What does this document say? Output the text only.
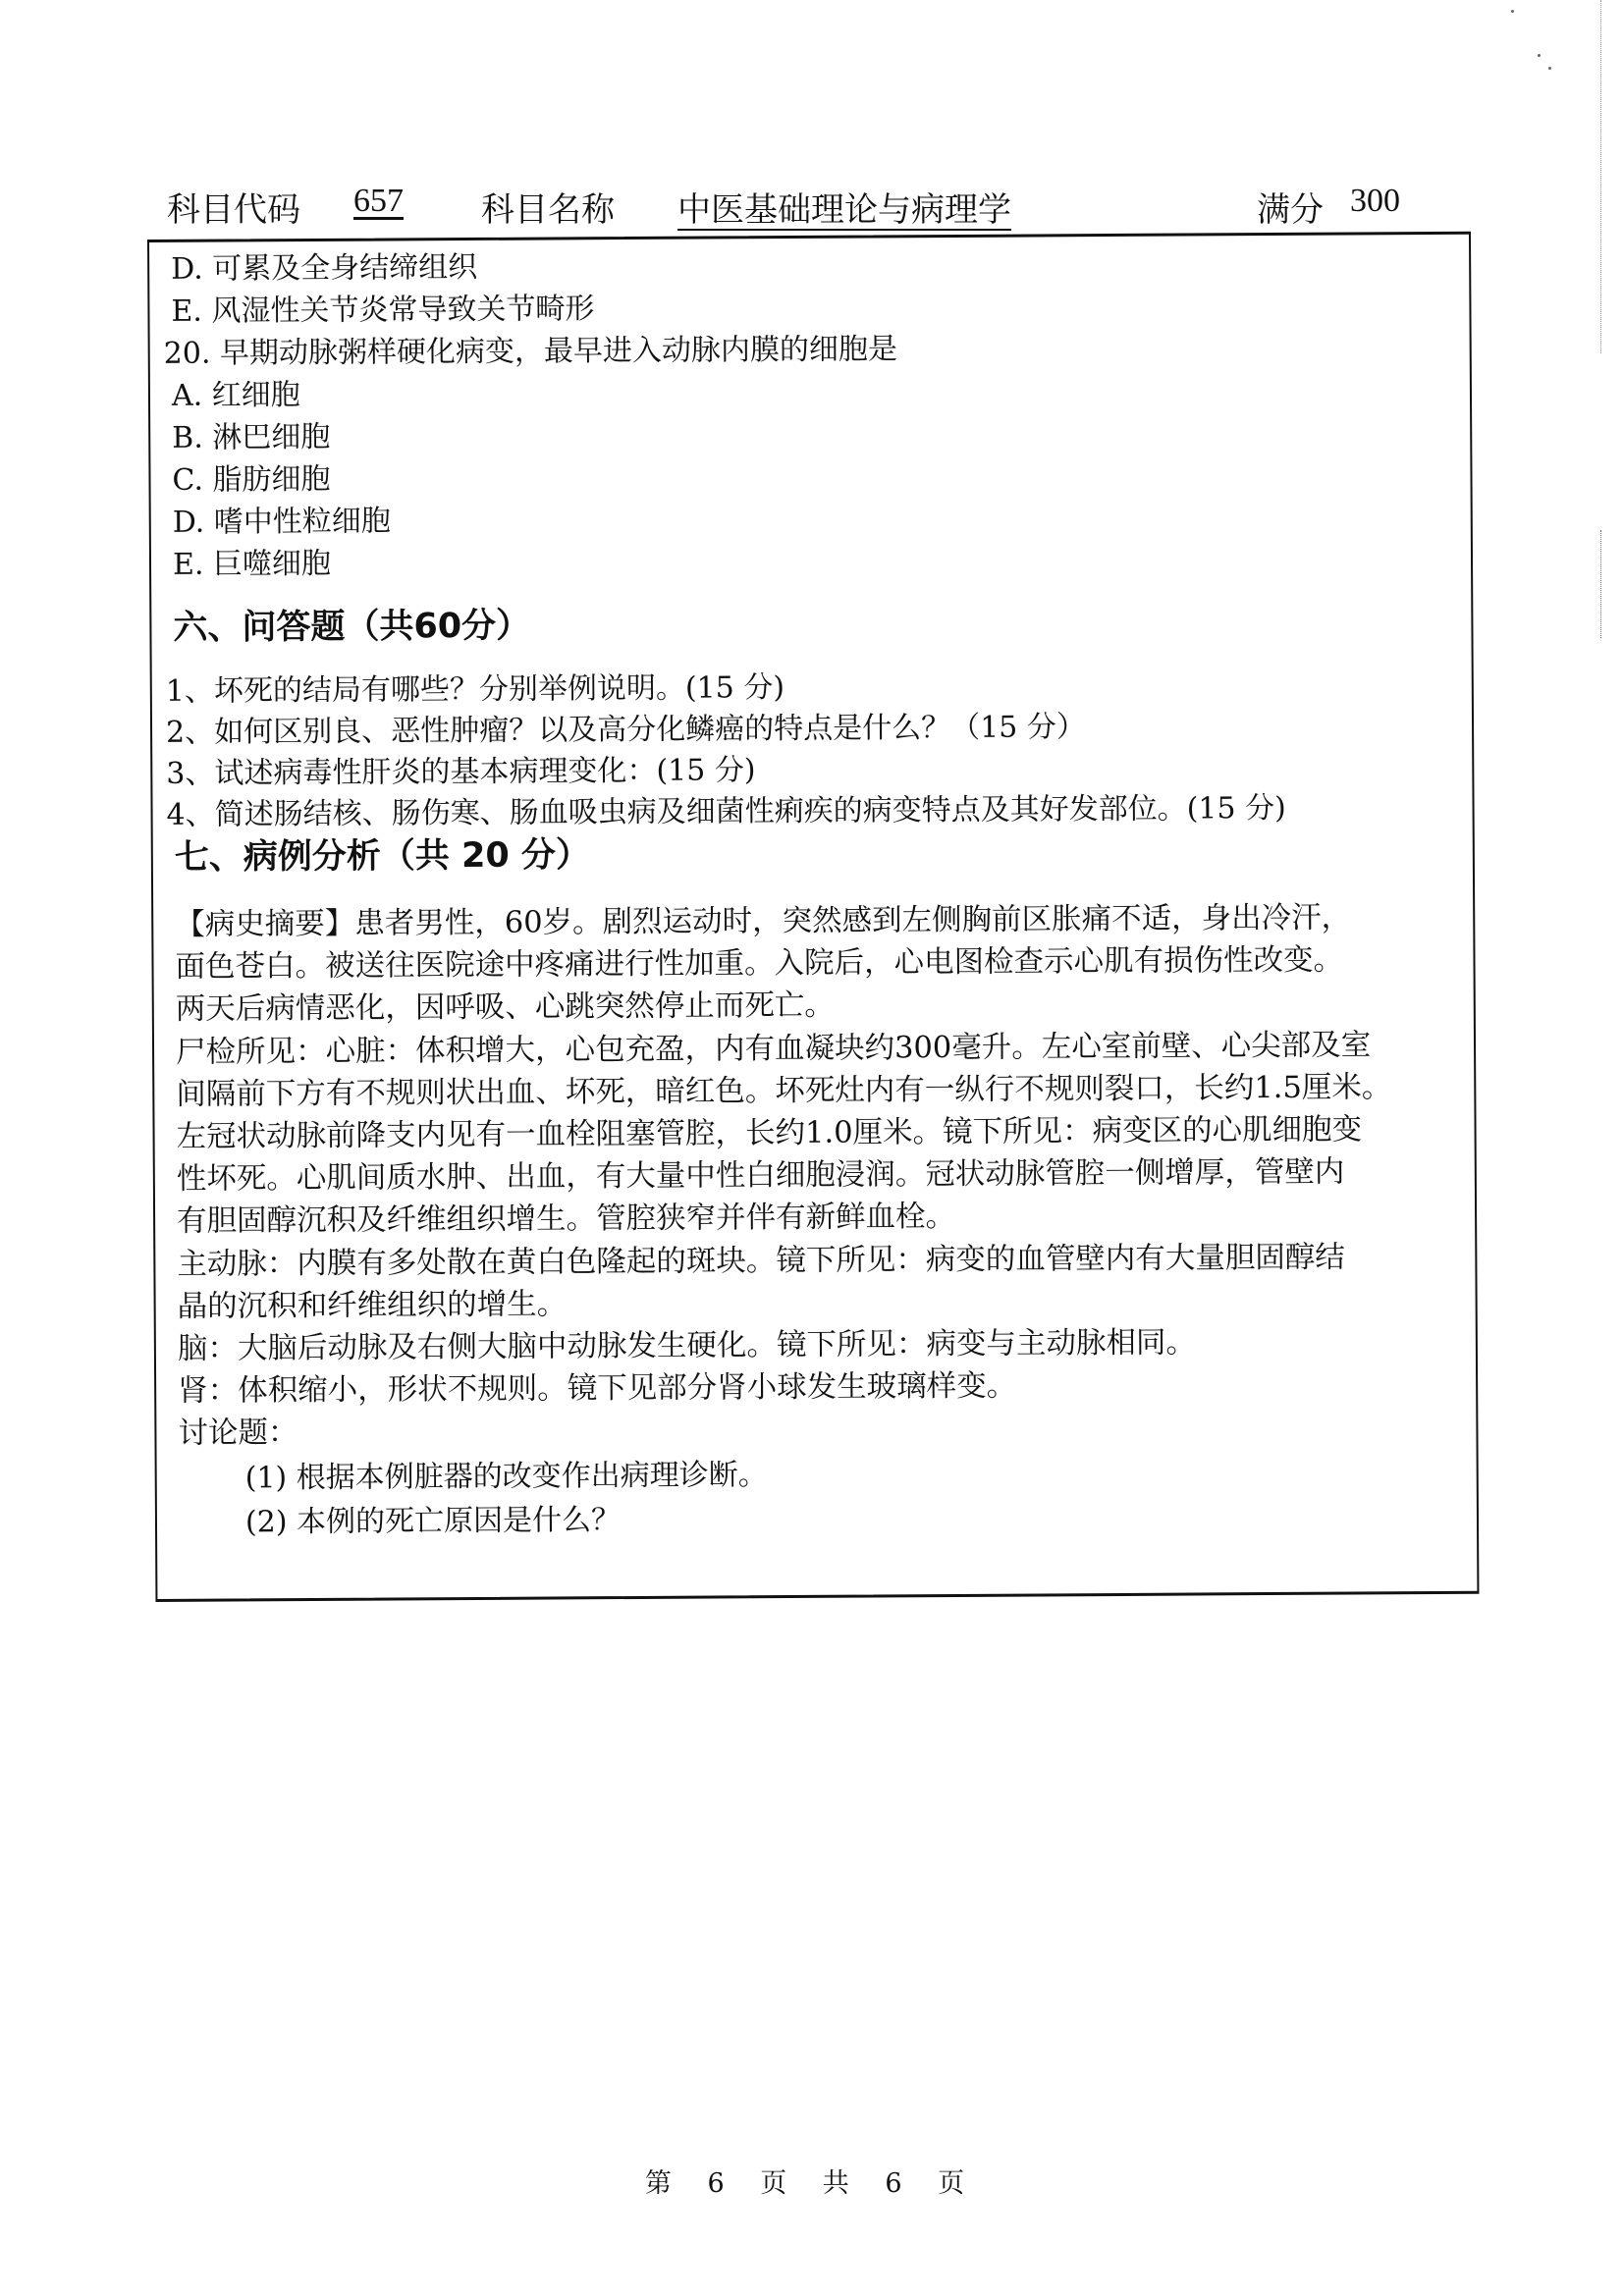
科目代码 657 科目名称 中医基础理论与病理学	满分 300
D. 可累及全身结缔组织
E. 风湿性关节炎常导致关节畸形
20. 早期动脉粥样硬化病变，最早进入动脉内膜的细胞是
A. 红细胞
B. 淋巴细胞
C. 脂肪细胞
D. 嗜中性粒细胞
E. 巨噬细胞
六、问答题（共60分）
1、坏死的结局有哪些？分别举例说明。(15 分)
2、如何区别良、恶性肿瘤？以及高分化鳞癌的特点是什么？（15 分）
3、试述病毒性肝炎的基本病理变化：(15 分)
4、简述肠结核、肠伤寒、肠血吸虫病及细菌性痢疾的病变特点及其好发部位。(15 分)
七、病例分析（共 20 分）
【病史摘要】患者男性，60岁。剧烈运动时，突然感到左侧胸前区胀痛不适，身出冷汗，
面色苍白。被送往医院途中疼痛进行性加重。入院后，心电图检查示心肌有损伤性改变。
两天后病情恶化，因呼吸、心跳突然停止而死亡。
尸检所见：心脏：体积增大，心包充盈，内有血凝块约300毫升。左心室前壁、心尖部及室
间隔前下方有不规则状出血、坏死，暗红色。坏死灶内有一纵行不规则裂口，长约1.5厘米。
左冠状动脉前降支内见有一血栓阻塞管腔，长约1.0厘米。镜下所见：病变区的心肌细胞变
性坏死。心肌间质水肿、出血，有大量中性白细胞浸润。冠状动脉管腔一侧增厚，管壁内
有胆固醇沉积及纤维组织增生。管腔狭窄并伴有新鲜血栓。
主动脉：内膜有多处散在黄白色隆起的斑块。镜下所见：病变的血管壁内有大量胆固醇结
晶的沉积和纤维组织的增生。
脑：大脑后动脉及右侧大脑中动脉发生硬化。镜下所见：病变与主动脉相同。
肾：体积缩小，形状不规则。镜下见部分肾小球发生玻璃样变。
讨论题：
(1) 根据本例脏器的改变作出病理诊断。
(2) 本例的死亡原因是什么？
第 6 页 共 6 页
